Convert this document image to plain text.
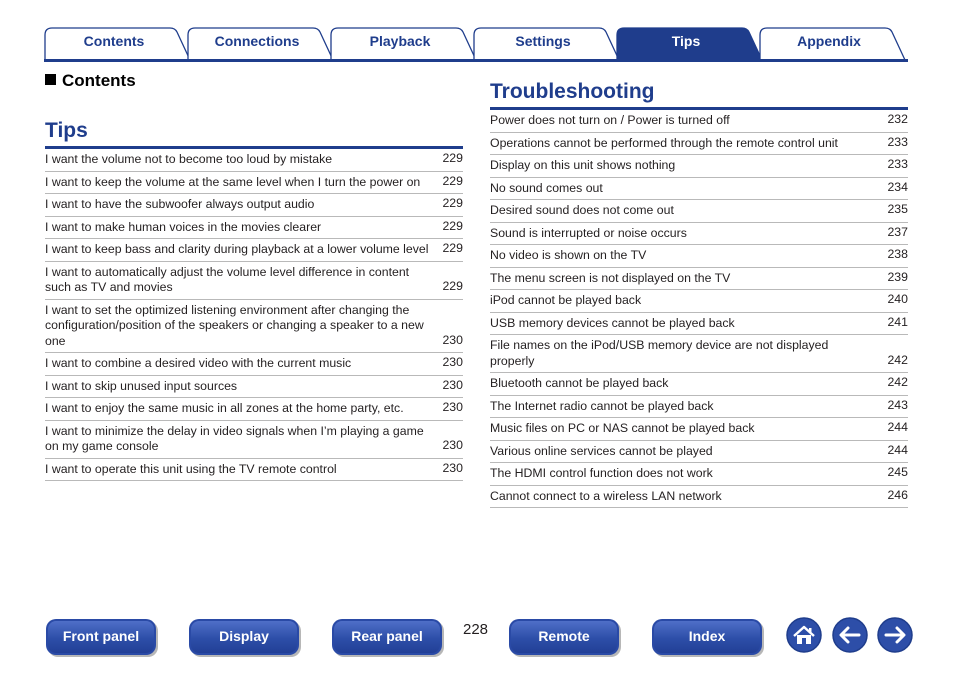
Contents	Connections	Playback	Settings	Tips	Appendix
Contents
Tips
I want the volume not to become too loud by mistake	229
I want to keep the volume at the same level when I turn the power on 229
I want to have the subwoofer always output audio	229
I want to make human voices in the movies clearer	229
I want to keep bass and clarity during playback at a lower volume level 229
I want to automatically adjust the volume level difference in content such as TV and movies	229
I want to set the optimized listening environment after changing the configuration/position of the speakers or changing a speaker to a new one	230
I want to combine a desired video with the current music	230
I want to skip unused input sources	230
I want to enjoy the same music in all zones at the home party, etc.	230
I want to minimize the delay in video signals when I’m playing a game on my game console	230
I want to operate this unit using the TV remote control	230
Troubleshooting
Power does not turn on / Power is turned off	232
Operations cannot be performed through the remote control unit	233
Display on this unit shows nothing	233
No sound comes out	234
Desired sound does not come out	235
Sound is interrupted or noise occurs	237
No video is shown on the TV	238
The menu screen is not displayed on the TV	239
iPod cannot be played back	240
USB memory devices cannot be played back	241
File names on the iPod/USB memory device are not displayed properly	242
Bluetooth cannot be played back	242
The Internet radio cannot be played back	243
Music files on PC or NAS cannot be played back	244
Various online services cannot be played	244
The HDMI control function does not work	245
Cannot connect to a wireless LAN network	246
Front panel	Display	Rear panel	228	Remote	Index
